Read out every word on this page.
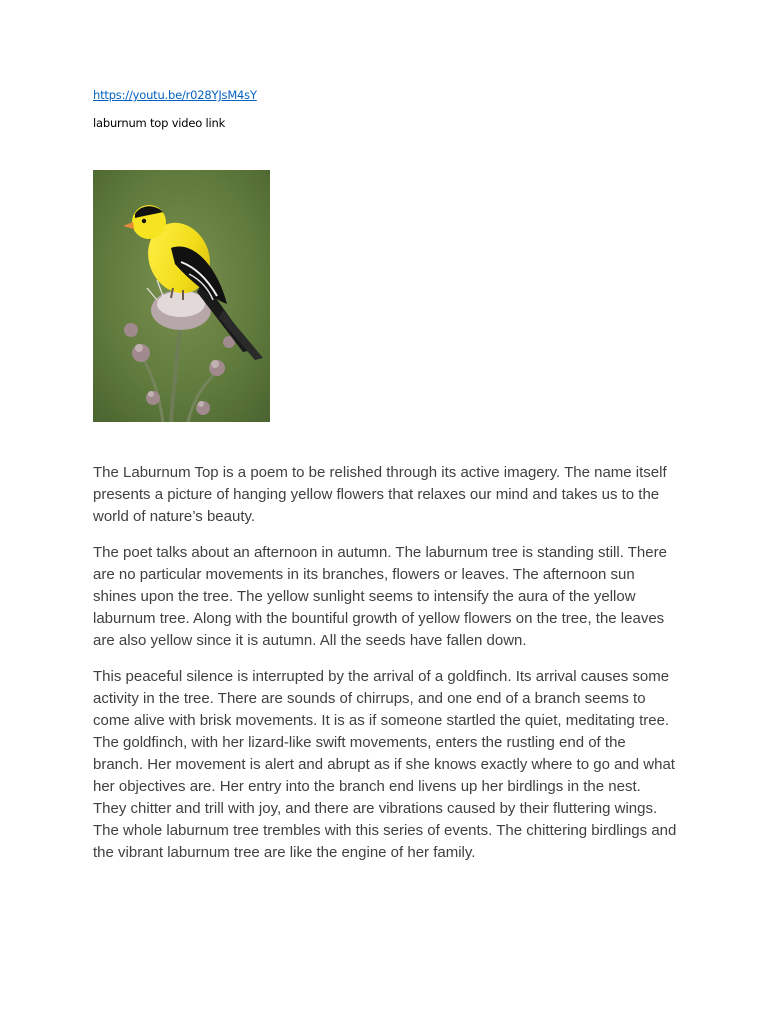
https://youtu.be/r028YJsM4sY
laburnum top video link

The Laburnum Top is a poem to be relished through its active imagery. The name itself presents a picture of hanging yellow flowers that relaxes our mind and takes us to the world of nature’s beauty.

The poet talks about an afternoon in autumn. The laburnum tree is standing still. There are no particular movements in its branches, flowers or leaves. The afternoon sun shines upon the tree. The yellow sunlight seems to intensify the aura of the yellow laburnum tree. Along with the bountiful growth of yellow flowers on the tree, the leaves are also yellow since it is autumn. All the seeds have fallen down.

This peaceful silence is interrupted by the arrival of a goldfinch. Its arrival causes some activity in the tree. There are sounds of chirrups, and one end of a branch seems to come alive with brisk movements. It is as if someone startled the quiet, meditating tree. The goldfinch, with her lizard-like swift movements, enters the rustling end of the branch. Her movement is alert and abrupt as if she knows exactly where to go and what her objectives are. Her entry into the branch end livens up her birdlings in the nest. They chitter and trill with joy, and there are vibrations caused by their fluttering wings. The whole laburnum tree trembles with this series of events. The chittering birdlings and the vibrant laburnum tree are like the engine of her family.
